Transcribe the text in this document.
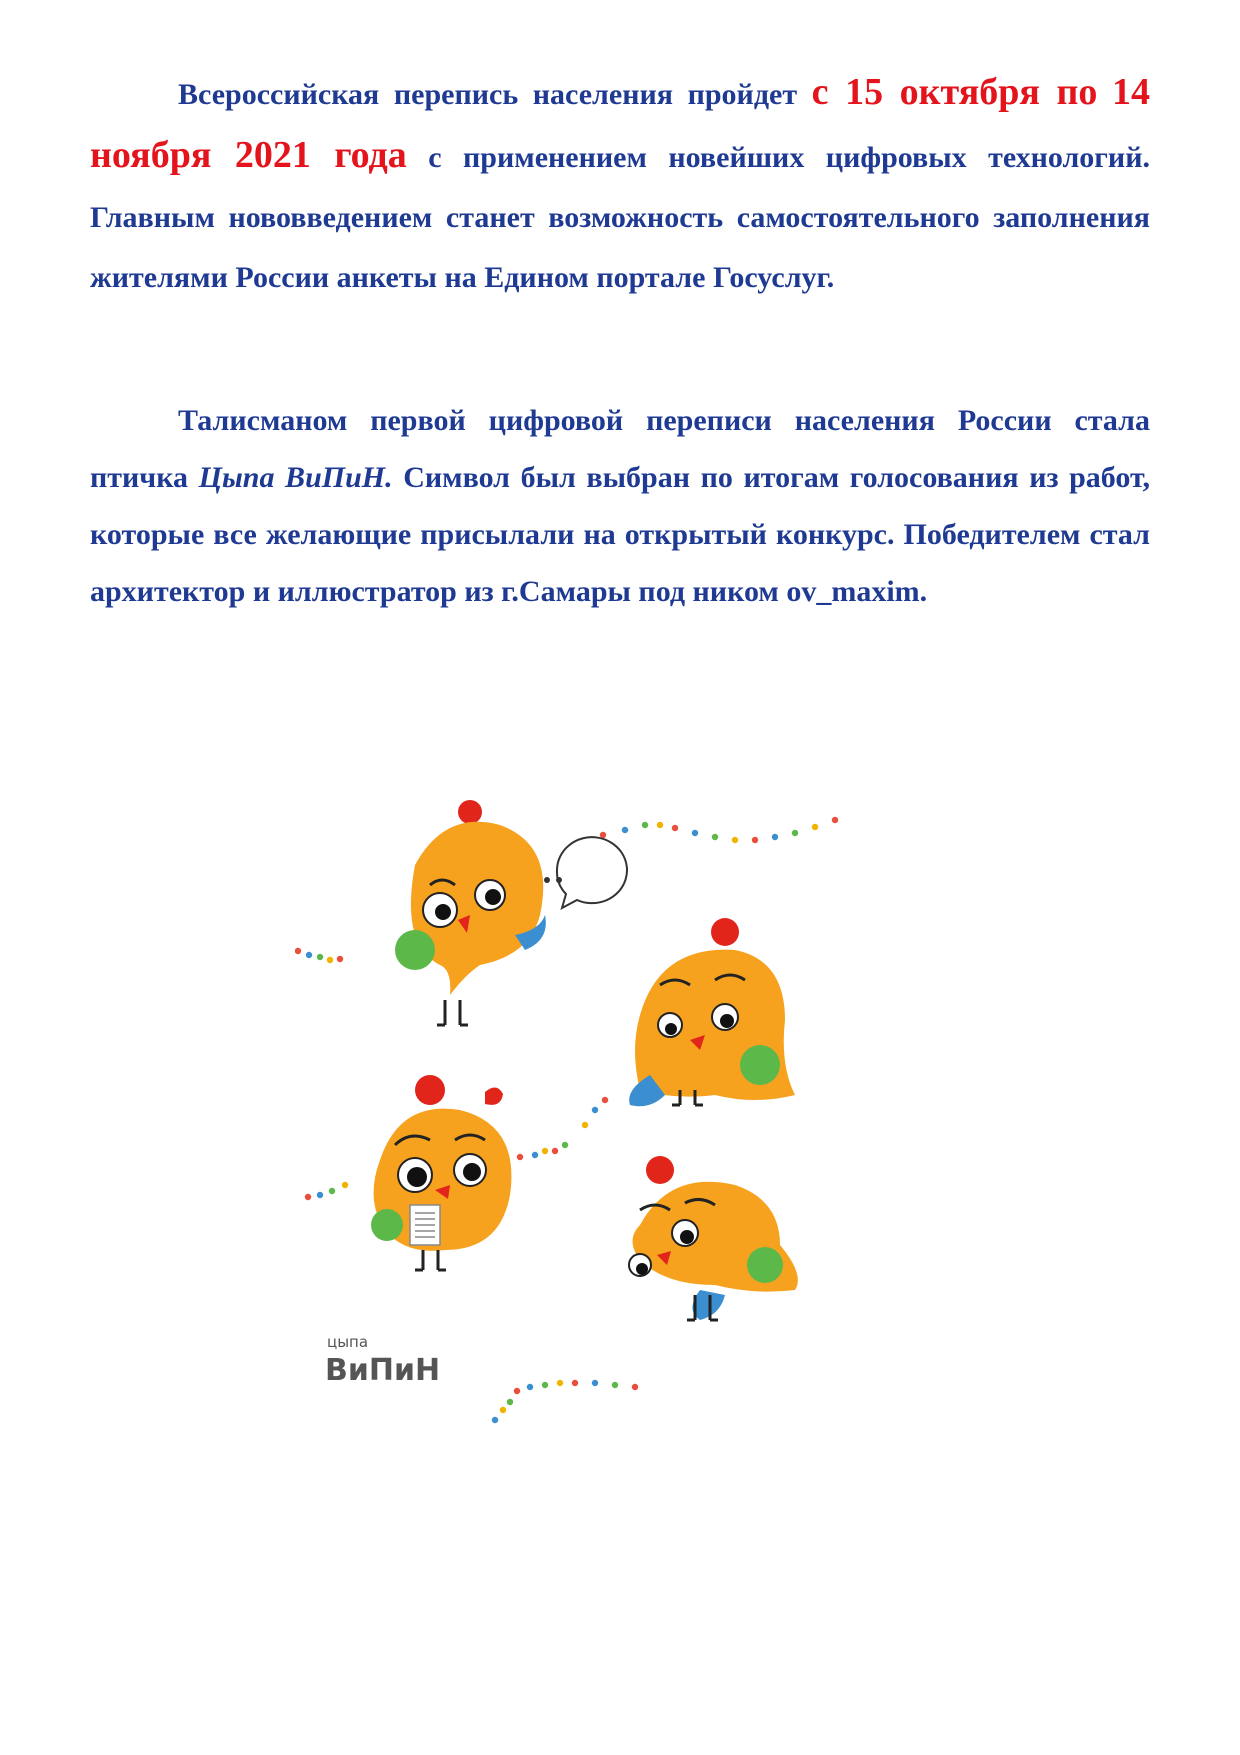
Всероссийская перепись населения пройдет с 15 октября по 14 ноября 2021 года с применением новейших цифровых технологий. Главным нововведением станет возможность самостоятельного заполнения жителями России анкеты на Едином портале Госуслуг.
Талисманом первой цифровой переписи населения России стала птичка Цыпа ВиПиН. Символ был выбран по итогам голосования из работ, которые все желающие присылали на открытый конкурс. Победителем стал архитектор и иллюстратор из г.Самары под ником ov_maxim.
цыпа
ВиПиН
